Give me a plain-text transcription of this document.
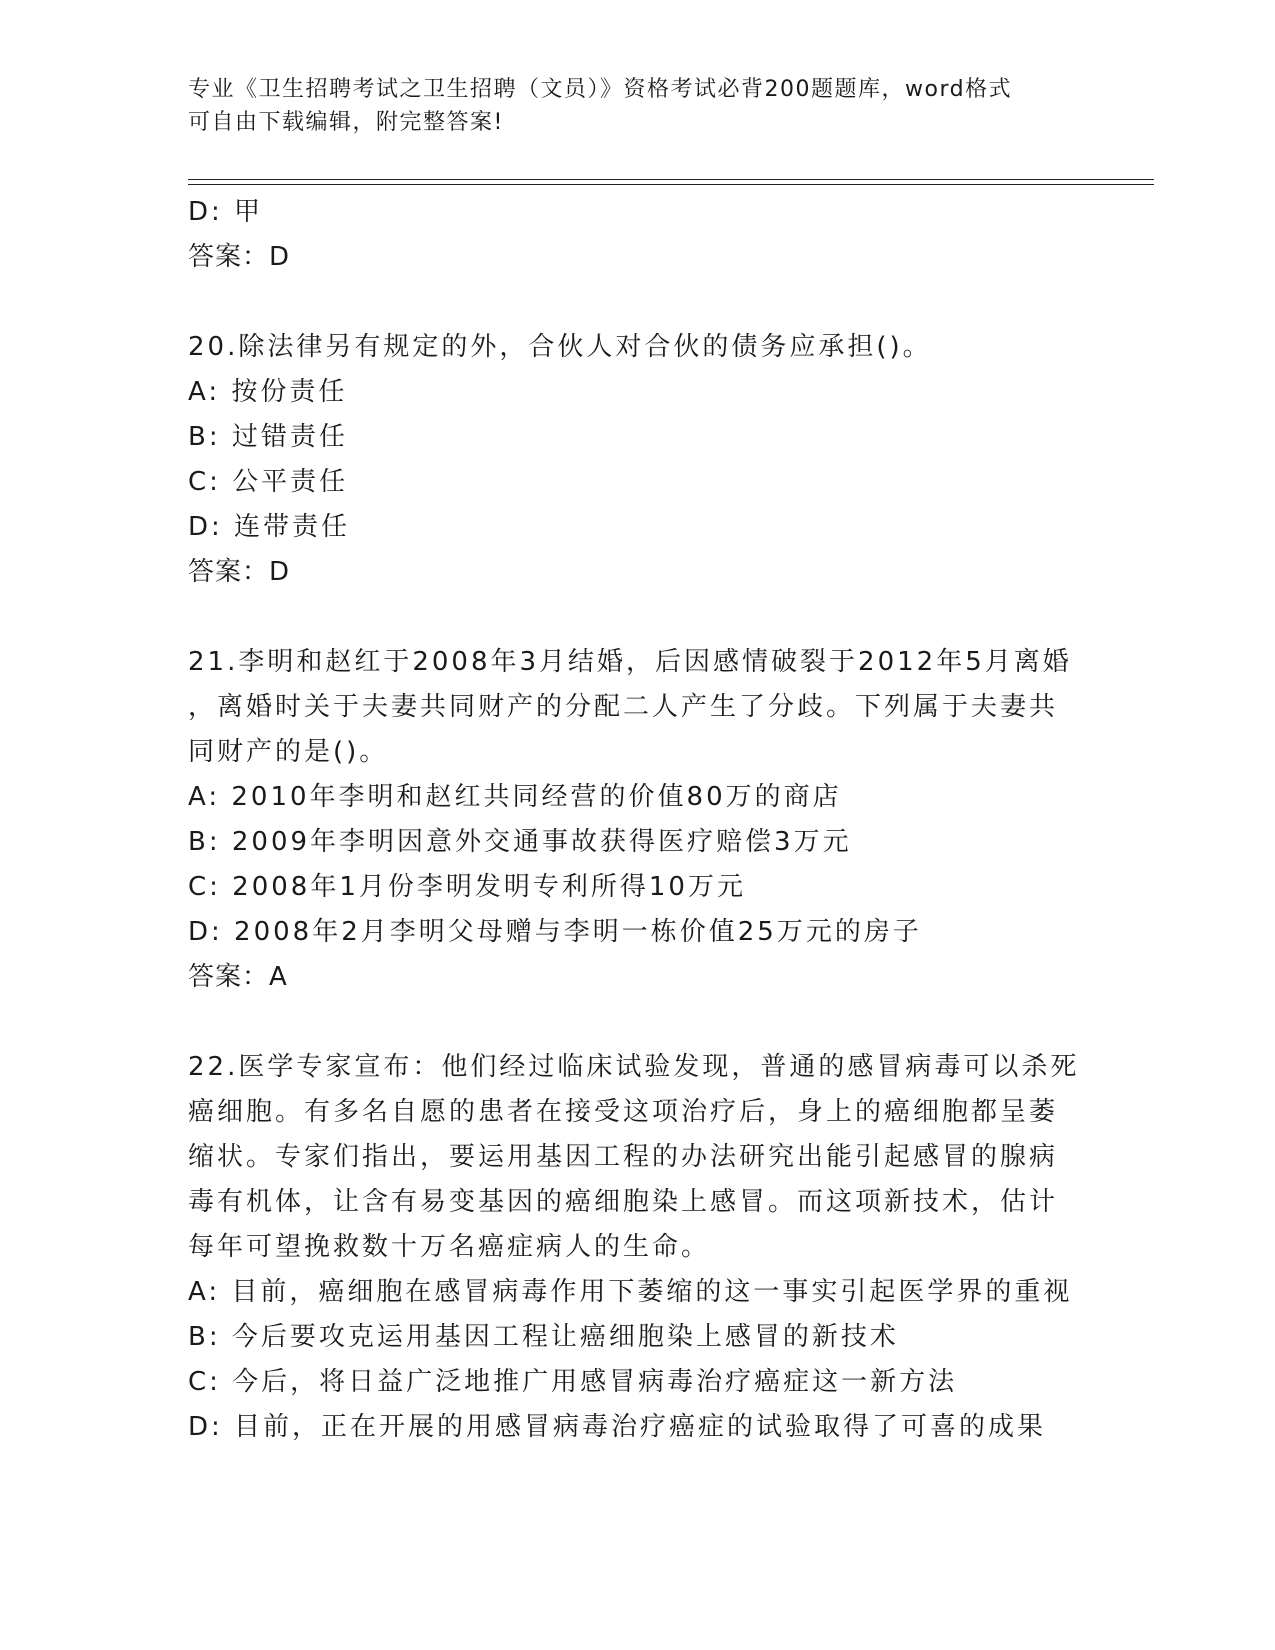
专业《卫生招聘考试之卫生招聘（文员）》资格考试必背200题题库，word格式
可自由下载编辑，附完整答案!
D: 甲
答案：D
20.除法律另有规定的外，合伙人对合伙的债务应承担()。
A: 按份责任
B: 过错责任
C: 公平责任
D: 连带责任
答案：D
21.李明和赵红于2008年3月结婚，后因感情破裂于2012年5月离婚
，离婚时关于夫妻共同财产的分配二人产生了分歧。下列属于夫妻共
同财产的是()。
A: 2010年李明和赵红共同经营的价值80万的商店
B: 2009年李明因意外交通事故获得医疗赔偿3万元
C: 2008年1月份李明发明专利所得10万元
D: 2008年2月李明父母赠与李明一栋价值25万元的房子
答案：A
22.医学专家宣布：他们经过临床试验发现，普通的感冒病毒可以杀死
癌细胞。有多名自愿的患者在接受这项治疗后，身上的癌细胞都呈萎
缩状。专家们指出，要运用基因工程的办法研究出能引起感冒的腺病
毒有机体，让含有易变基因的癌细胞染上感冒。而这项新技术，估计
每年可望挽救数十万名癌症病人的生命。
A: 目前，癌细胞在感冒病毒作用下萎缩的这一事实引起医学界的重视
B: 今后要攻克运用基因工程让癌细胞染上感冒的新技术
C: 今后，将日益广泛地推广用感冒病毒治疗癌症这一新方法
D: 目前，正在开展的用感冒病毒治疗癌症的试验取得了可喜的成果
